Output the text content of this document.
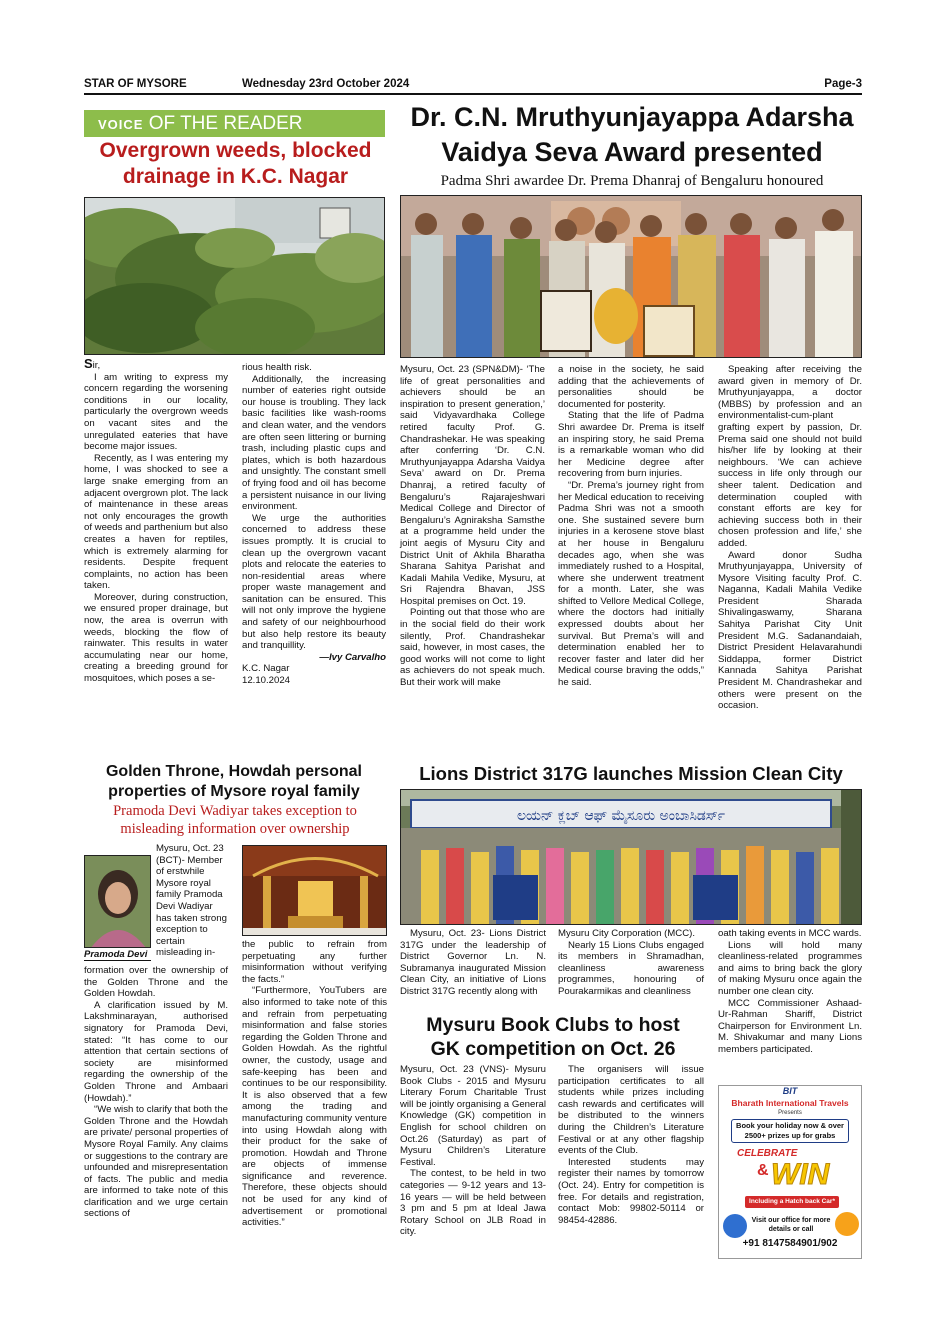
STAR OF MYSORE	Wednesday 23rd October 2024	Page-3
VOICE OF THE READER
Overgrown weeds, blocked
drainage in K.C. Nagar

Sir,

I am writing to express my concern regarding the worsening conditions in our locality, particularly the overgrown weeds on vacant sites and the unregulated eateries that have become major issues.

Recently, as I was entering my home, I was shocked to see a large snake emerging from an adjacent overgrown plot. The lack of maintenance in these areas not only encourages the growth of weeds and parthenium but also creates a haven for reptiles, which is extremely alarming for residents. Despite frequent complaints, no action has been taken.

Moreover, during construction, we ensured proper drainage, but now, the area is overrun with weeds, blocking the flow of rainwater. This results in water accumulating near our home, creating a breeding ground for mosquitoes, which poses a se-

rious health risk.

Additionally, the increasing number of eateries right outside our house is troubling. They lack basic facilities like wash-rooms and clean water, and the vendors are often seen littering or burning trash, including plastic cups and plates, which is both hazardous and unsightly. The constant smell of frying food and oil has become a persistent nuisance in our living environment.

We urge the authorities concerned to address these issues promptly. It is crucial to clean up the overgrown vacant plots and relocate the eateries to non-residential areas where proper waste management and sanitation can be ensured. This will not only improve the hygiene and safety of our neighbourhood but also help restore its beauty and tranquillity.

—Ivy Carvalho

K.C. Nagar

12.10.2024

Dr. C.N. Mruthyunjayappa Adarsha
Vaidya Seva Award presented
Padma Shri awardee Dr. Prema Dhanraj of Bengaluru honoured

Mysuru, Oct. 23 (SPN&DM)- ‘The life of great personalities and achievers should be an inspiration to present generation,’ said Vidyavardhaka College retired faculty Prof. G. Chandrashekar. He was speaking after conferring ‘Dr. C.N. Mruthyunjayappa Adarsha Vaidya Seva’ award on Dr. Prema Dhanraj, a retired faculty of Bengaluru’s Rajarajeshwari Medical College and Director of Bengaluru’s Agniraksha Samsthe at a programme held under the joint aegis of Mysuru City and District Unit of Akhila Bharatha Sharana Sahitya Parishat and Kadali Mahila Vedike, Mysuru, at Sri Rajendra Bhavan, JSS Hospital premises on Oct. 19.

Pointing out that those who are in the social field do their work silently, Prof. Chandrashekar said, however, in most cases, the good works will not come to light as achievers do not speak much. But their work will make

a noise in the society, he said adding that the achievements of personalities should be documented for posterity.

Stating that the life of Padma Shri awardee Dr. Prema is itself an inspiring story, he said Prema is a remarkable woman who did her Medicine degree after recovering from burn injuries.

“Dr. Prema’s journey right from her Medical education to receiving Padma Shri was not a smooth one. She sustained severe burn injuries in a kerosene stove blast at her house in Bengaluru decades ago, when she was immediately rushed to a Hospital, where she underwent treatment for a month. Later, she was shifted to Vellore Medical College, where the doctors had initially expressed doubts about her survival. But Prema’s will and determination enabled her to recover faster and later did her Medical course braving the odds,” he said.

Speaking after receiving the award given in memory of Dr. Mruthyunjayappa, a doctor (MBBS) by profession and an environmentalist-cum-plant grafting expert by passion, Dr. Prema said one should not build his/her life by looking at their neighbours. ‘We can achieve success in life only through our sheer talent. Dedication and determination coupled with constant efforts are key for achieving success both in their chosen profession and life,’ she added.

Award donor Sudha Mruthyunjayappa, University of Mysore Visiting faculty Prof. C. Naganna, Kadali Mahila Vedike President Sharada Shivalingaswamy, Sharana Sahitya Parishat City Unit President M.G. Sadanandaiah, District President Helavarahundi Siddappa, former District Kannada Sahitya Parishat President M. Chandrashekar and others were present on the occasion.

Golden Throne, Howdah personal
properties of Mysore royal family
Pramoda Devi Wadiyar takes exception to
misleading information over ownership
Pramoda Devi
Mysuru, Oct. 23 (BCT)- Member of erstwhile Mysore royal family Pramoda Devi Wadiyar has taken strong exception to certain misleading in-

formation over the ownership of the Golden Throne and the Golden Howdah.

A clarification issued by M. Lakshminarayan, authorised signatory for Pramoda Devi, stated: “It has come to our attention that certain sections of society are misinformed regarding the ownership of the Golden Throne and Ambaari (Howdah).”

“We wish to clarify that both the Golden Throne and the Howdah are private/ personal properties of Mysore Royal Family. Any claims or suggestions to the contrary are unfounded and misrepresentation of facts. The public and media are informed to take note of this clarification and we urge certain sections of

the public to refrain from perpetuating any further misinformation without verifying the facts.”

“Furthermore, YouTubers are also informed to take note of this and refrain from perpetuating misinformation and false stories regarding the Golden Throne and Golden Howdah. As the rightful owner, the custody, usage and safe-keeping has been and continues to be our responsibility. It is also observed that a few among the trading and manufacturing community venture into using Howdah along with their product for the sake of promotion. Howdah and Throne are objects of immense significance and reverence. Therefore, these objects should not be used for any kind of advertisement or promotional activities.”

Lions District 317G launches Mission Clean City
ಲಯನ್ ಕ್ಲಬ್ ಆಫ್ ಮೈಸೂರು ಅಂಬಾಸಿಡರ್ಸ್

Mysuru, Oct. 23- Lions District 317G under the leadership of District Governor Ln. N. Subramanya inaugurated Mission Clean City, an initiative of Lions District 317G recently along with

Mysuru City Corporation (MCC).

Nearly 15 Lions Clubs engaged its members in Shramadhan, cleanliness awareness programmes, honouring of Pourakarmikas and cleanliness

oath taking events in MCC wards.

Lions will hold many cleanliness-related programmes and aims to bring back the glory of making Mysuru once again the number one clean city.

MCC Commissioner Ashaad-Ur-Rahman Shariff, District Chairperson for Environment Ln. M. Shivakumar and many Lions members participated.

Mysuru Book Clubs to host
GK competition on Oct. 26

Mysuru, Oct. 23 (VNS)- Mysuru Book Clubs - 2015 and Mysuru Literary Forum Charitable Trust will be jointly organising a General Knowledge (GK) competition in English for school children on Oct.26 (Saturday) as part of Mysuru Children’s Literature Festival.

The contest, to be held in two categories — 9-12 years and 13-16 years — will be held between 3 pm and 5 pm at Ideal Jawa Rotary School on JLB Road in city.

The organisers will issue participation certificates to all students while prizes including cash rewards and certificates will be distributed to the winners during the Children’s Literature Festival or at any other flagship events of the Club.

Interested students may register their names by tomorrow (Oct. 24). Entry for competition is free. For details and registration, contact Mob: 99802-50114 or 98454-42886.

BIT
Bharath International Travels
Presents
Book your holiday now & over 2500+ prizes up for grabs
CELEBRATE
& WIN
Including a Hatch back Car*
Visit our office for more details or call
+91 8147584901/902
